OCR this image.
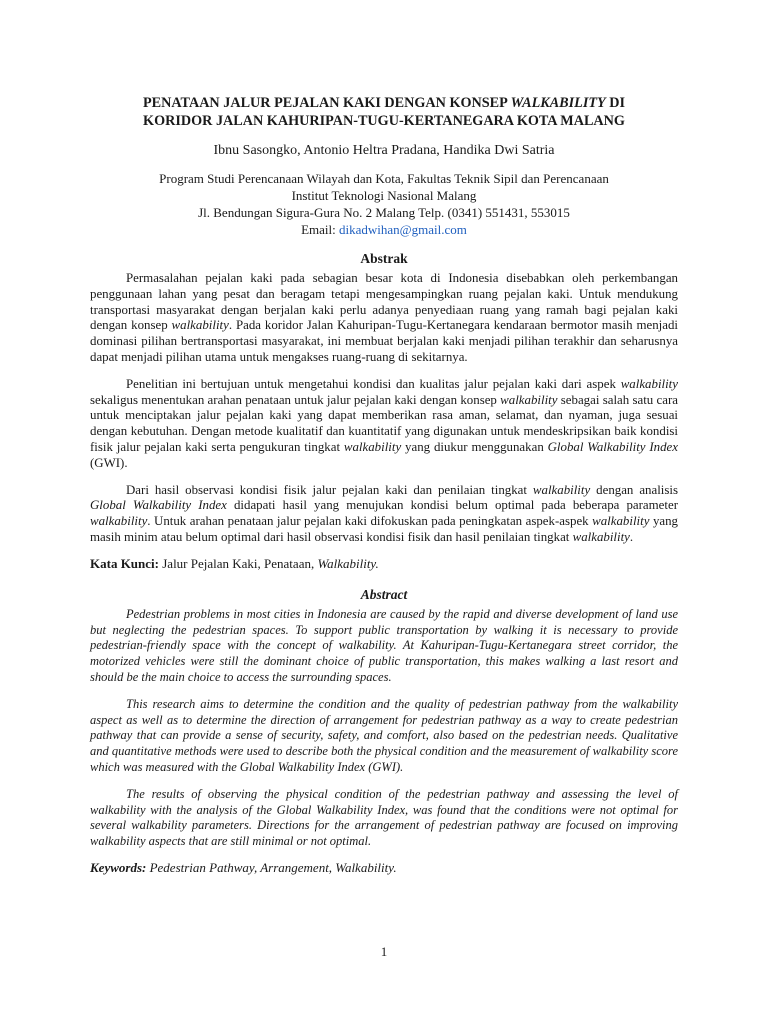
PENATAAN JALUR PEJALAN KAKI DENGAN KONSEP WALKABILITY DI
KORIDOR JALAN KAHURIPAN-TUGU-KERTANEGARA KOTA MALANG
Ibnu Sasongko, Antonio Heltra Pradana, Handika Dwi Satria
Program Studi Perencanaan Wilayah dan Kota, Fakultas Teknik Sipil dan Perencanaan
Institut Teknologi Nasional Malang
Jl. Bendungan Sigura-Gura No. 2 Malang Telp. (0341) 551431, 553015
Email: dikadwihan@gmail.com
Abstrak

Permasalahan pejalan kaki pada sebagian besar kota di Indonesia disebabkan oleh perkembangan penggunaan lahan yang pesat dan beragam tetapi mengesampingkan ruang pejalan kaki. Untuk mendukung transportasi masyarakat dengan berjalan kaki perlu adanya penyediaan ruang yang ramah bagi pejalan kaki dengan konsep walkability. Pada koridor Jalan Kahuripan-Tugu-Kertanegara kendaraan bermotor masih menjadi dominasi pilihan bertransportasi masyarakat, ini membuat berjalan kaki menjadi pilihan terakhir dan seharusnya dapat menjadi pilihan utama untuk mengakses ruang-ruang di sekitarnya.

Penelitian ini bertujuan untuk mengetahui kondisi dan kualitas jalur pejalan kaki dari aspek walkability sekaligus menentukan arahan penataan untuk jalur pejalan kaki dengan konsep walkability sebagai salah satu cara untuk menciptakan jalur pejalan kaki yang dapat memberikan rasa aman, selamat, dan nyaman, juga sesuai dengan kebutuhan. Dengan metode kualitatif dan kuantitatif yang digunakan untuk mendeskripsikan baik kondisi fisik jalur pejalan kaki serta pengukuran tingkat walkability yang diukur menggunakan Global Walkability Index (GWI).

Dari hasil observasi kondisi fisik jalur pejalan kaki dan penilaian tingkat walkability dengan analisis Global Walkability Index didapati hasil yang menujukan kondisi belum optimal pada beberapa parameter walkability. Untuk arahan penataan jalur pejalan kaki difokuskan pada peningkatan aspek-aspek walkability yang masih minim atau belum optimal dari hasil observasi kondisi fisik dan hasil penilaian tingkat walkability.

Kata Kunci: Jalur Pejalan Kaki, Penataan, Walkability.
Abstract

Pedestrian problems in most cities in Indonesia are caused by the rapid and diverse development of land use but neglecting the pedestrian spaces. To support public transportation by walking it is necessary to provide pedestrian-friendly space with the concept of walkability. At Kahuripan-Tugu-Kertanegara street corridor, the motorized vehicles were still the dominant choice of public transportation, this makes walking a last resort and should be the main choice to access the surrounding spaces.

This research aims to determine the condition and the quality of pedestrian pathway from the walkability aspect as well as to determine the direction of arrangement for pedestrian pathway as a way to create pedestrian pathway that can provide a sense of security, safety, and comfort, also based on the pedestrian needs. Qualitative and quantitative methods were used to describe both the physical condition and the measurement of walkability score which was measured with the Global Walkability Index (GWI).

The results of observing the physical condition of the pedestrian pathway and assessing the level of walkability with the analysis of the Global Walkability Index, was found that the conditions were not optimal for several walkability parameters. Directions for the arrangement of pedestrian pathway are focused on improving walkability aspects that are still minimal or not optimal.

Keywords: Pedestrian Pathway, Arrangement, Walkability.
1
